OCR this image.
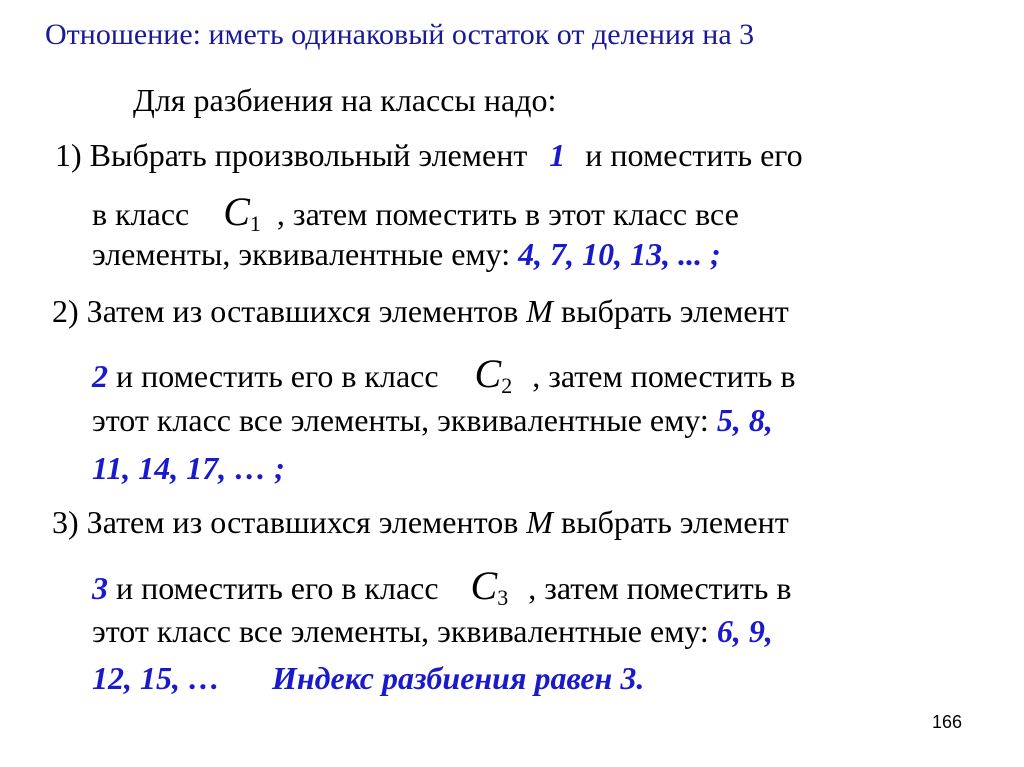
Отношение: иметь одинаковый остаток от деления на 3
Для разбиения на классы надо:
1) Выбрать произвольный элемент 1 и поместить его
в класс $C_1$ , затем поместить в этот класс все
элементы, эквивалентные ему: 4, 7, 10, 13, ... ;
2) Затем из оставшихся элементов M выбрать элемент
2 и поместить его в класс $C_2$ , затем поместить в
этот класс все элементы, эквивалентные ему: 5, 8,
11, 14, 17, … ;
3) Затем из оставшихся элементов M выбрать элемент
3 и поместить его в класс $C_3$ , затем поместить в
этот класс все элементы, эквивалентные ему: 6, 9,
12, 15, … Индекс разбиения равен 3.
166
